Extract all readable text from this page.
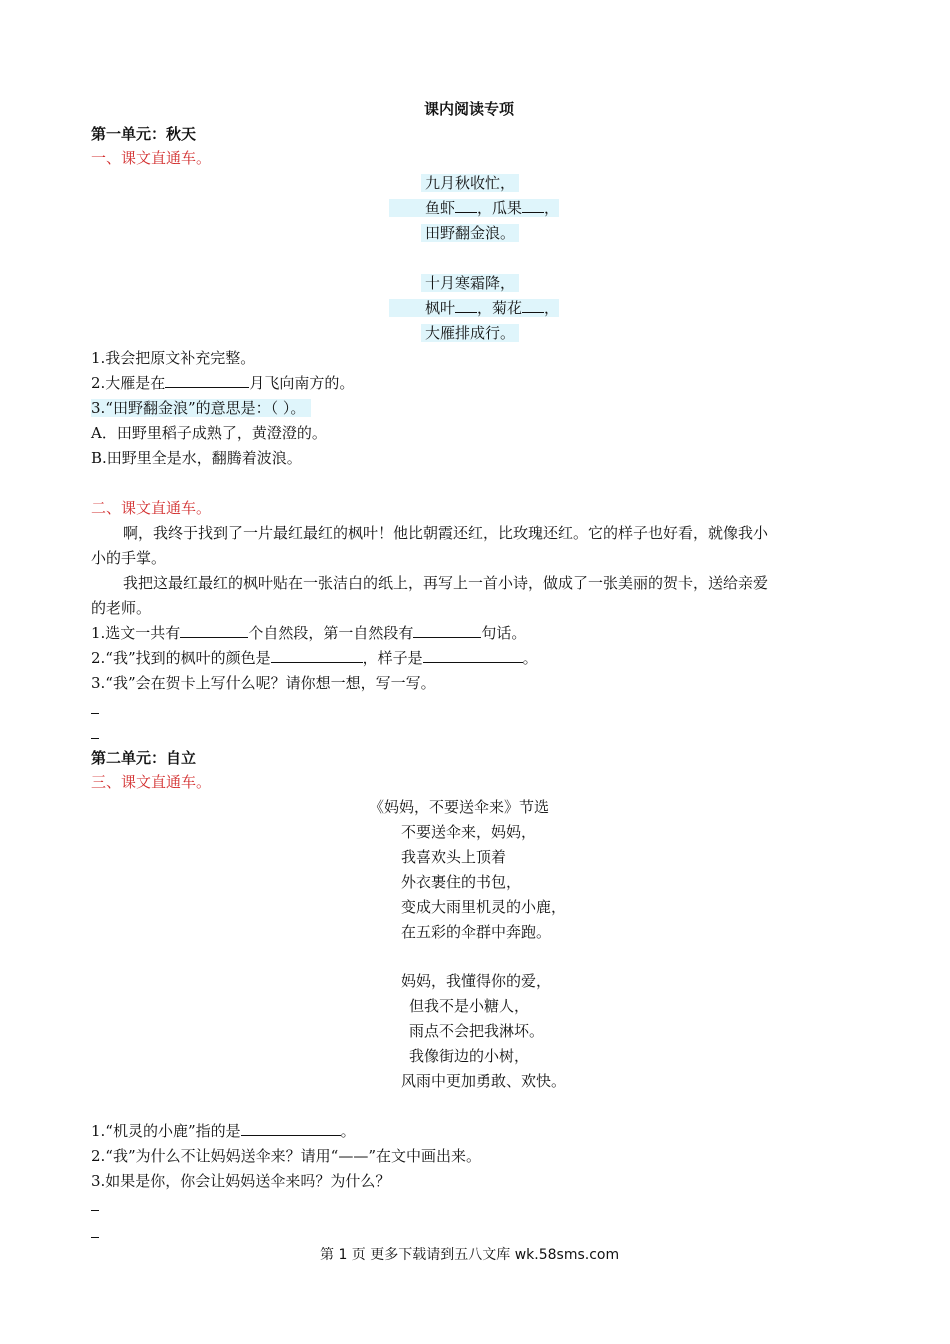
课内阅读专项
第一单元：秋天
一、课文直通车。
九月秋收忙，
鱼虾 ，瓜果 ，
田野翻金浪。
十月寒霜降，
枫叶 ，菊花 ，
大雁排成行。
1.我会把原文补充完整。
2.大雁是在	月飞向南方的。
3.“田野翻金浪”的意思是：（ ）。
A．田野里稻子成熟了，黄澄澄的。
B.田野里全是水，翻腾着波浪。
二、课文直通车。
啊，我终于找到了一片最红最红的枫叶！他比朝霞还红，比玫瑰还红。它的样子也好看，就像我小
小的手掌。
我把这最红最红的枫叶贴在一张洁白的纸上，再写上一首小诗，做成了一张美丽的贺卡，送给亲爱
的老师。
1.选文一共有	个自然段，第一自然段有	句话。
2.“我”找到的枫叶的颜色是	，样子是	。
3.“我”会在贺卡上写什么呢？请你想一想，写一写。
第二单元：自立
三、课文直通车。
《妈妈，不要送伞来》节选
不要送伞来，妈妈，
我喜欢头上顶着
外衣裹住的书包，
变成大雨里机灵的小鹿，
在五彩的伞群中奔跑。
妈妈，我懂得你的爱，
但我不是小糖人，
雨点不会把我淋坏。
我像街边的小树，
风雨中更加勇敢、欢快。
1.“机灵的小鹿”指的是	。
2.“我”为什么不让妈妈送伞来？请用“——”在文中画出来。
3.如果是你，你会让妈妈送伞来吗？为什么？
第 1 页 更多下载请到五八文库 wk.58sms.com
